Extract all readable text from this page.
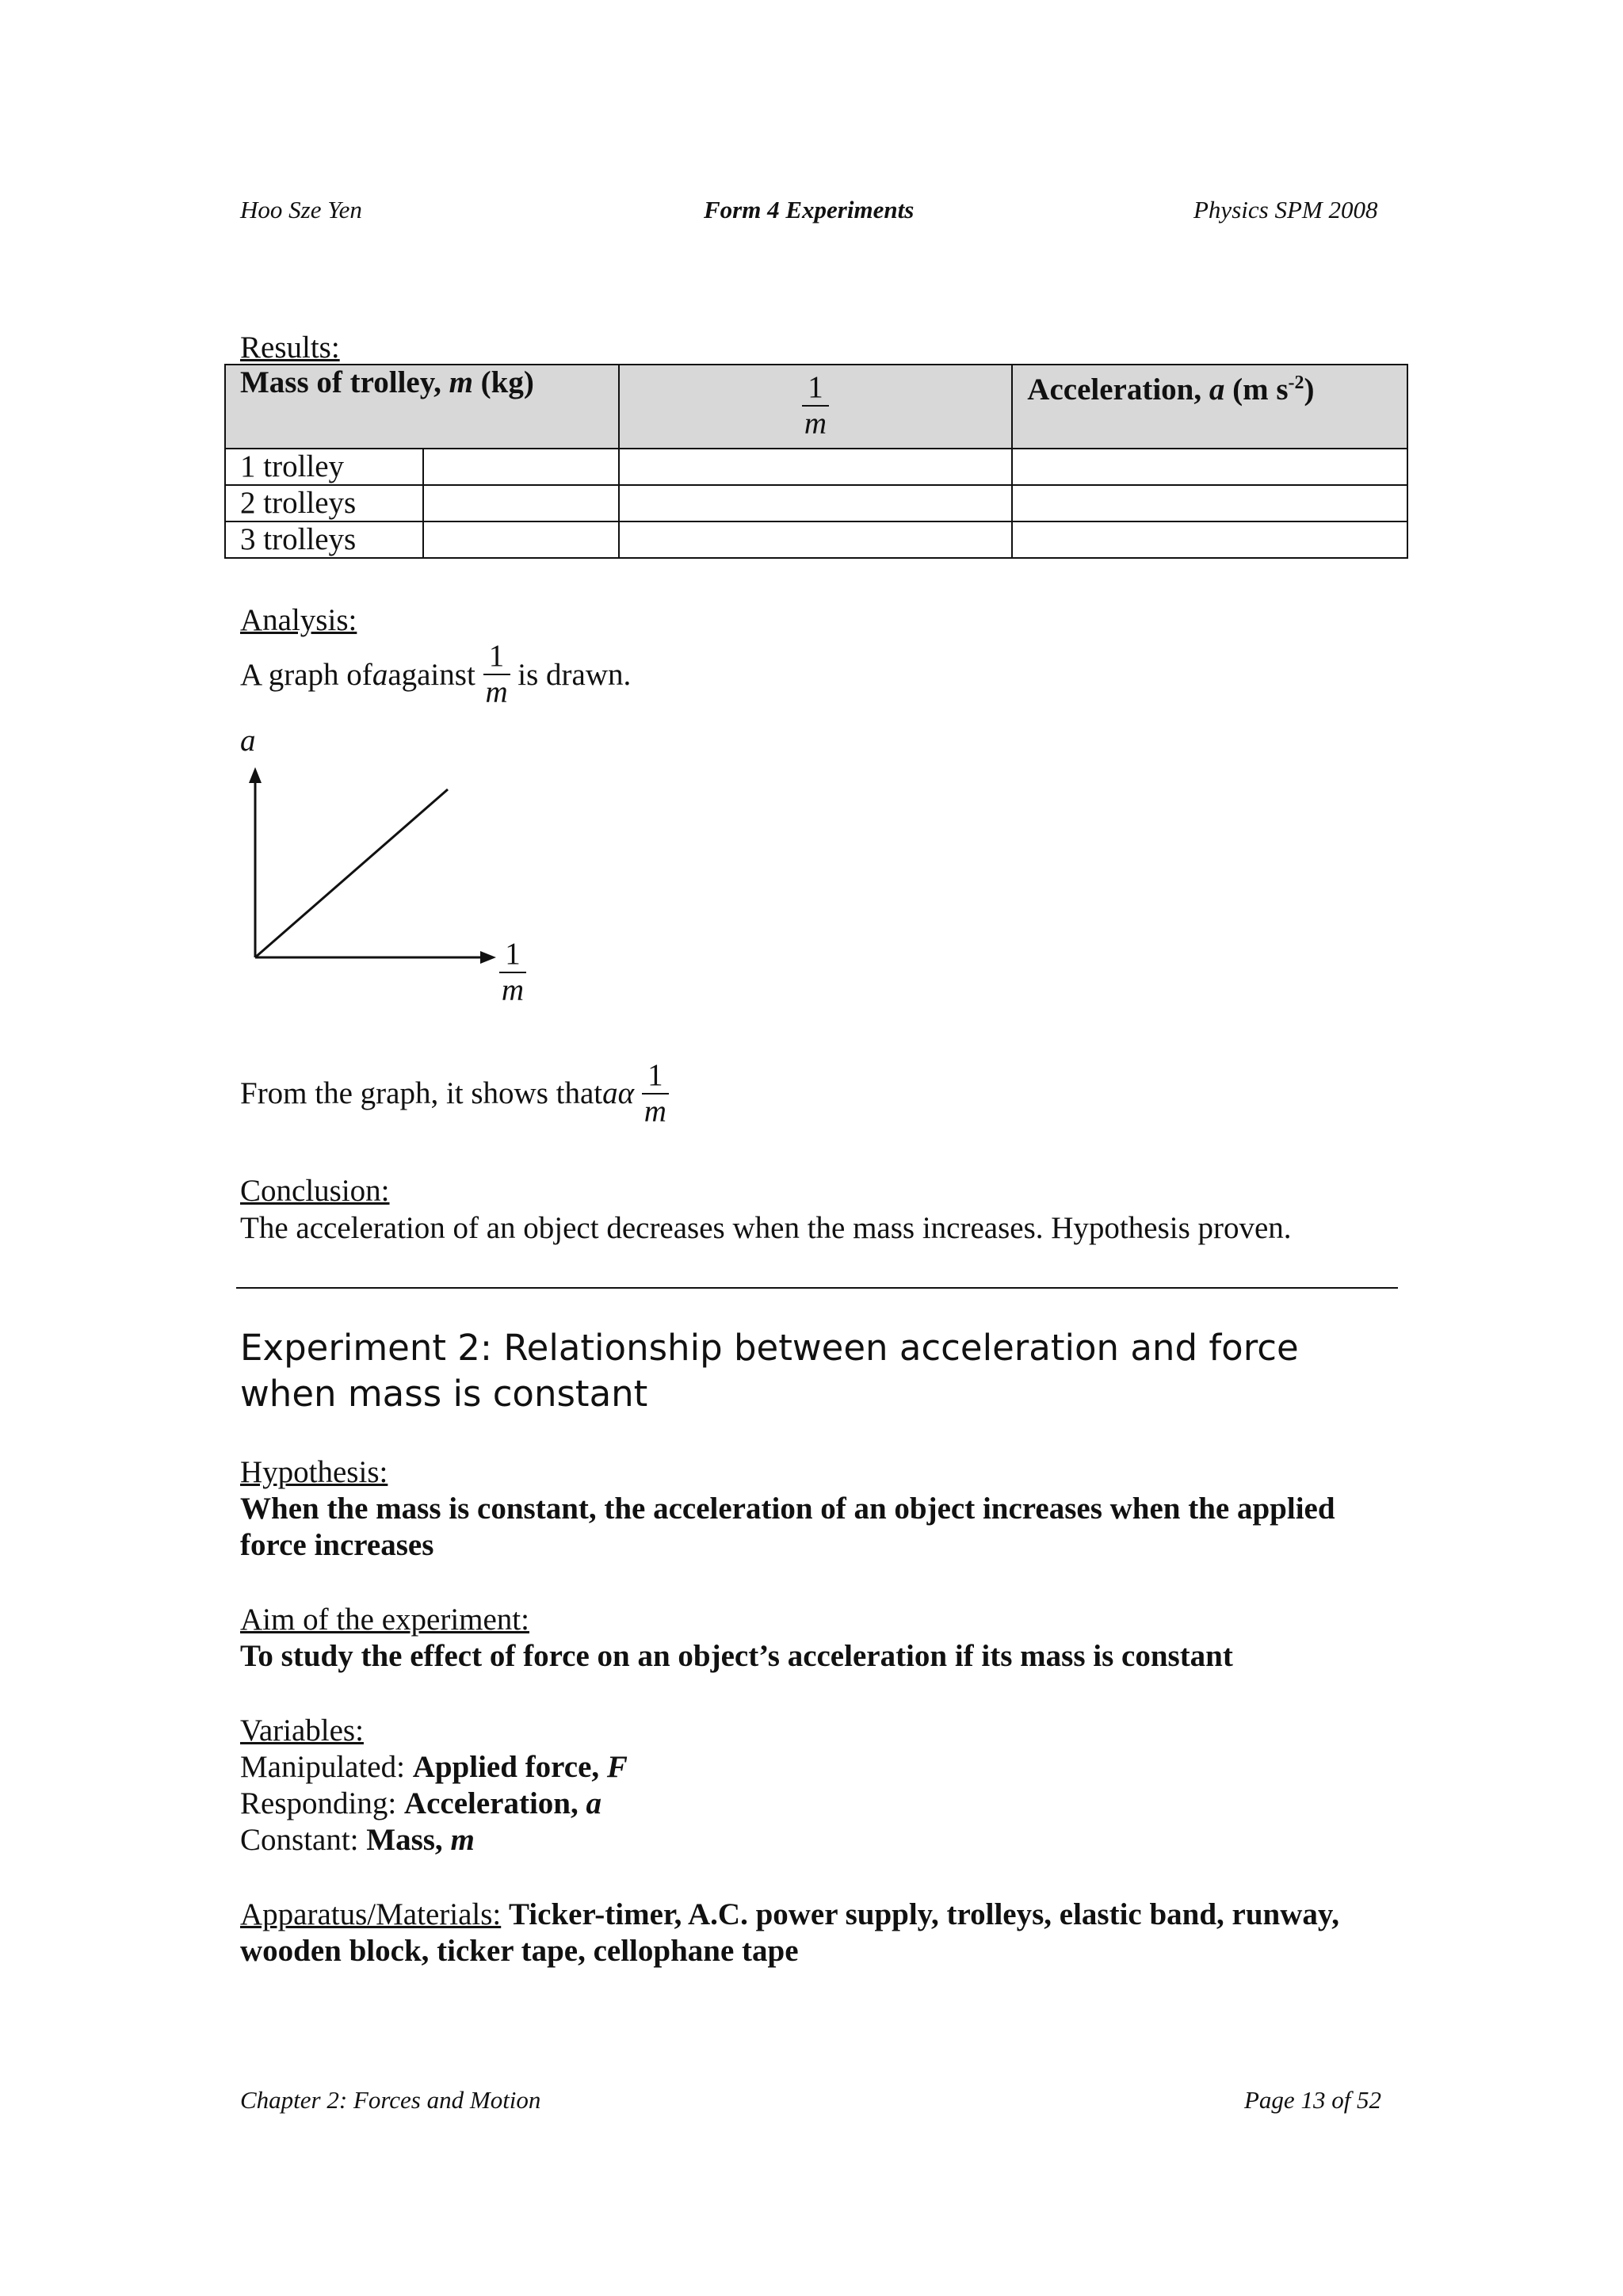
Hoo Sze Yen	Form 4 Experiments	Physics SPM 2008
Results:
Mass of trolley, m (kg)		$\frac{1}{m}$	Acceleration, a (m $s^{-2}$)
1 trolley			
2 trolleys			
3 trolleys			
Analysis:
A graph of a against
$\frac{1}{m}$
is drawn.
a
$\frac{1}{m}$
From the graph, it shows that aα
$\frac{1}{m}$
Conclusion:
The acceleration of an object decreases when the mass increases. Hypothesis proven.
Experiment 2: Relationship between acceleration and force
when mass is constant
Hypothesis:
When the mass is constant, the acceleration of an object increases when the applied
force increases
Aim of the experiment:
To study the effect of force on an object’s acceleration if its mass is constant
Variables:
Manipulated: Applied force, F
Responding: Acceleration, a
Constant: Mass, m
Apparatus/Materials: Ticker-timer, A.C. power supply, trolleys, elastic band, runway,
wooden block, ticker tape, cellophane tape
Chapter 2: Forces and Motion	Page 13 of 52
